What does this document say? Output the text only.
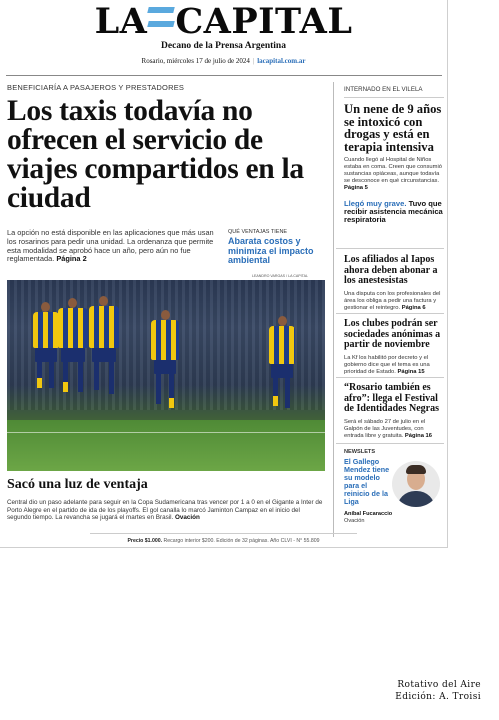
LA CAPITAL
Decano de la Prensa Argentina
Rosario, miércoles 17 de julio de 2024 | lacapital.com.ar
BENEFICIARÍA A PASAJEROS Y PRESTADORES
Los taxis todavía no ofrecen el servicio de viajes compartidos en la ciudad
La opción no está disponible en las aplicaciones que más usan los rosarinos para pedir una unidad. La ordenanza que permite esta modalidad se aprobó hace un año, pero aún no fue reglamentada. Página 2
QUÉ VENTAJAS TIENE
Abarata costos y minimiza el impacto ambiental
LEANDRO VARGAS / LA CAPITAL
Sacó una luz de ventaja
Central dio un paso adelante para seguir en la Copa Sudamericana tras vencer por 1 a 0 en el Gigante a Inter de Porto Alegre en el partido de ida de los playoffs. El gol canalla lo marcó Jaminton Campaz en el inicio del segundo tiempo. La revancha se jugará el martes en Brasil. Ovación
INTERNADO EN EL VILELA
Un nene de 9 años se intoxicó con drogas y está en terapia intensiva
Cuando llegó al Hospital de Niños estaba en coma. Creen que consumió sustancias opiáceas, aunque todavía se desconoce en qué circunstancias. Página 5
Llegó muy grave. Tuvo que recibir asistencia mecánica respiratoria
Los afiliados al Iapos ahora deben abonar a los anestesistas
Una disputa con los profesionales del área los obliga a pedir una factura y gestionar el reintegro. Página 6
Los clubes podrán ser sociedades anónimas a partir de noviembre
La Kf los habilitó por decreto y el gobierno dice que el tema es una prioridad de Estado. Página 15
“Rosario también es afro”: llega el Festival de Identidades Negras
Será el sábado 27 de julio en el Galpón de las Juventudes, con entrada libre y gratuita. Página 16
NEWSLETS
El Gallego Mendez tiene su modelo para el reinicio de la Liga
Aníbal Fucaraccio
Ovación
Precio $1.000. Recargo interior $200. Edición de 32 páginas. Año CLVI - N° 55.809
Rotativo del Aire
Edición: A. Troisi
